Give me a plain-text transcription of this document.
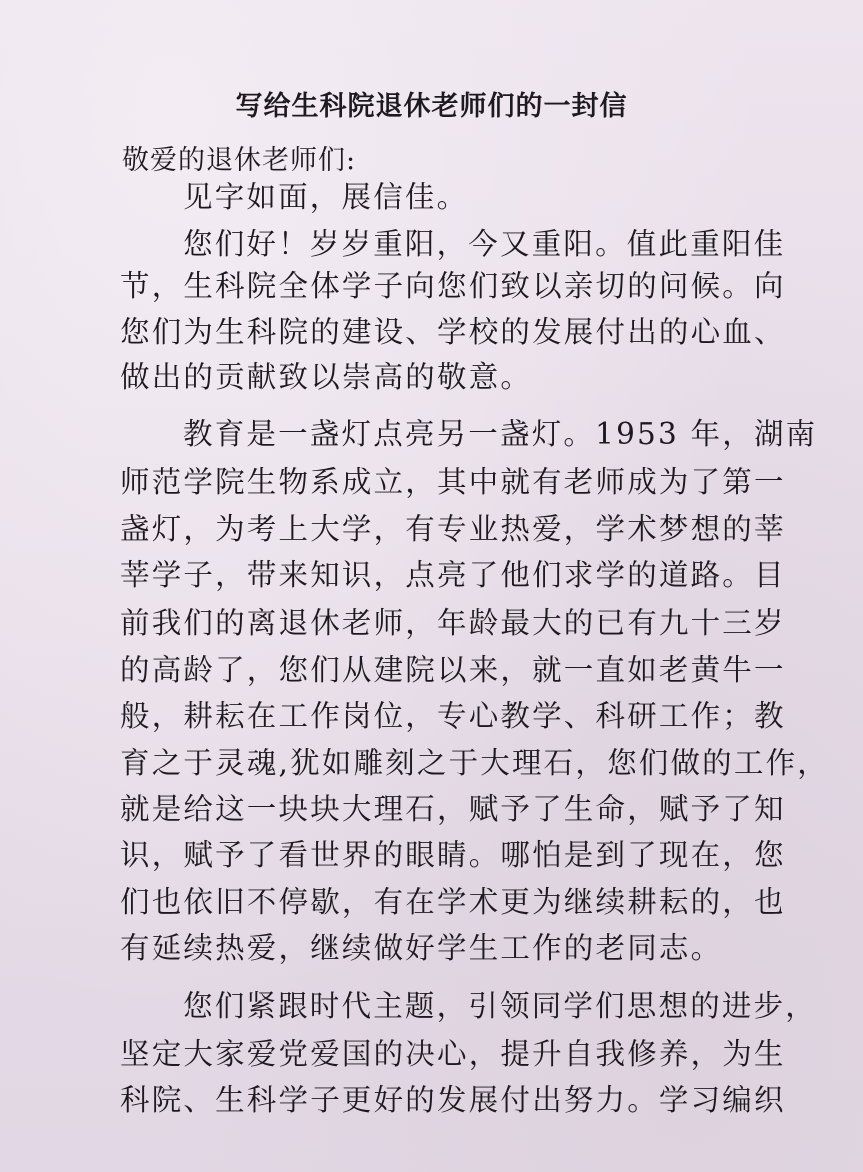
写给生科院退休老师们的一封信
敬爱的退休老师们:
见字如面，展信佳。
您们好！岁岁重阳，今又重阳。值此重阳佳
节，生科院全体学子向您们致以亲切的问候。向
您们为生科院的建设、学校的发展付出的心血、
做出的贡献致以崇高的敬意。
教育是一盏灯点亮另一盏灯。1953 年，湖南
师范学院生物系成立，其中就有老师成为了第一
盏灯，为考上大学，有专业热爱，学术梦想的莘
莘学子，带来知识，点亮了他们求学的道路。目
前我们的离退休老师，年龄最大的已有九十三岁
的高龄了，您们从建院以来，就一直如老黄牛一
般，耕耘在工作岗位，专心教学、科研工作；教
育之于灵魂,犹如雕刻之于大理石，您们做的工作，
就是给这一块块大理石，赋予了生命，赋予了知
识，赋予了看世界的眼睛。哪怕是到了现在，您
们也依旧不停歇，有在学术更为继续耕耘的，也
有延续热爱，继续做好学生工作的老同志。
您们紧跟时代主题，引领同学们思想的进步，
坚定大家爱党爱国的决心，提升自我修养，为生
科院、生科学子更好的发展付出努力。学习编织
